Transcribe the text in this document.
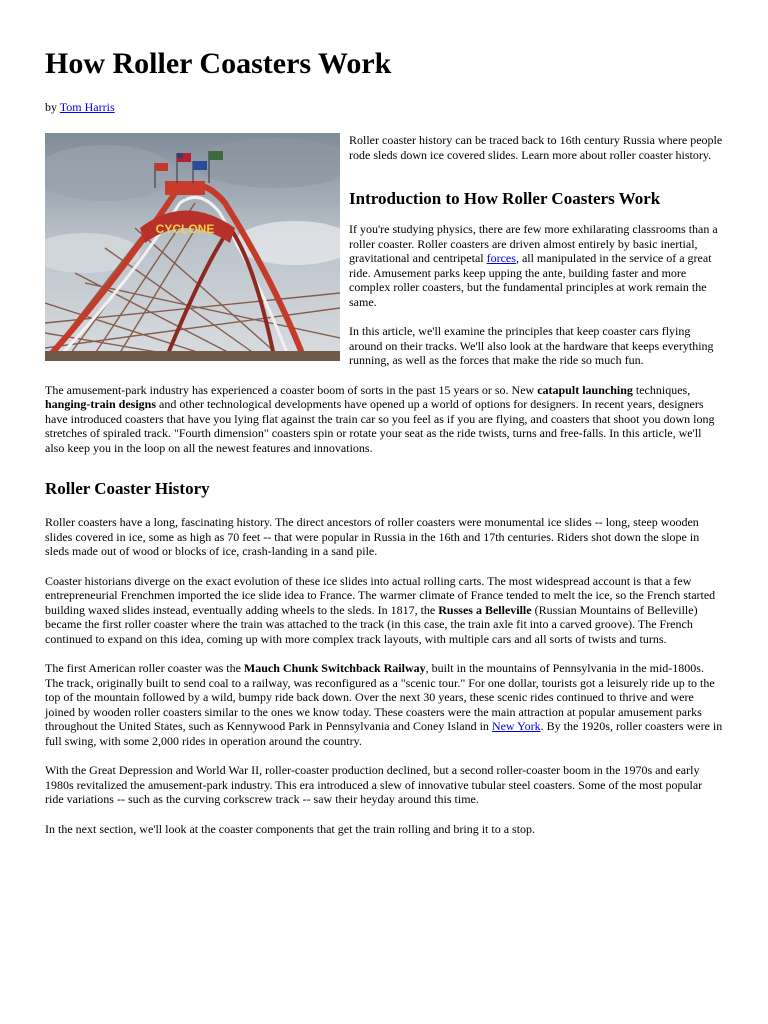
How Roller Coasters Work
by Tom Harris
CYCLONE

Roller coaster history can be traced back to 16th century Russia where people rode sleds down ice covered slides. Learn more about roller coaster history.

Introduction to How Roller Coasters Work

If you're studying physics, there are few more exhilarating classrooms than a roller coaster. Roller coasters are driven almost entirely by basic inertial, gravitational and centripetal forces, all manipulated in the service of a great ride. Amusement parks keep upping the ante, building faster and more complex roller coasters, but the fundamental principles at work remain the same.

In this article, we'll examine the principles that keep coaster cars flying around on their tracks. We'll also look at the hardware that keeps everything running, as well as the forces that make the ride so much fun.

The amusement-park industry has experienced a coaster boom of sorts in the past 15 years or so. New catapult launching techniques, hanging-train designs and other technological developments have opened up a world of options for designers. In recent years, designers have introduced coasters that have you lying flat against the train car so you feel as if you are flying, and coasters that shoot you down long stretches of spiraled track. "Fourth dimension" coasters spin or rotate your seat as the ride twists, turns and free-falls. In this article, we'll also keep you in the loop on all the newest features and innovations.

Roller Coaster History

Roller coasters have a long, fascinating history. The direct ancestors of roller coasters were monumental ice slides -- long, steep wooden slides covered in ice, some as high as 70 feet -- that were popular in Russia in the 16th and 17th centuries. Riders shot down the slope in sleds made out of wood or blocks of ice, crash-landing in a sand pile.

Coaster historians diverge on the exact evolution of these ice slides into actual rolling carts. The most widespread account is that a few entrepreneurial Frenchmen imported the ice slide idea to France. The warmer climate of France tended to melt the ice, so the French started building waxed slides instead, eventually adding wheels to the sleds. In 1817, the Russes a Belleville (Russian Mountains of Belleville) became the first roller coaster where the train was attached to the track (in this case, the train axle fit into a carved groove). The French continued to expand on this idea, coming up with more complex track layouts, with multiple cars and all sorts of twists and turns.

The first American roller coaster was the Mauch Chunk Switchback Railway, built in the mountains of Pennsylvania in the mid-1800s. The track, originally built to send coal to a railway, was reconfigured as a "scenic tour." For one dollar, tourists got a leisurely ride up to the top of the mountain followed by a wild, bumpy ride back down. Over the next 30 years, these scenic rides continued to thrive and were joined by wooden roller coasters similar to the ones we know today. These coasters were the main attraction at popular amusement parks throughout the United States, such as Kennywood Park in Pennsylvania and Coney Island in New York. By the 1920s, roller coasters were in full swing, with some 2,000 rides in operation around the country.

With the Great Depression and World War II, roller-coaster production declined, but a second roller-coaster boom in the 1970s and early 1980s revitalized the amusement-park industry. This era introduced a slew of innovative tubular steel coasters. Some of the most popular ride variations -- such as the curving corkscrew track -- saw their heyday around this time.

In the next section, we'll look at the coaster components that get the train rolling and bring it to a stop.
